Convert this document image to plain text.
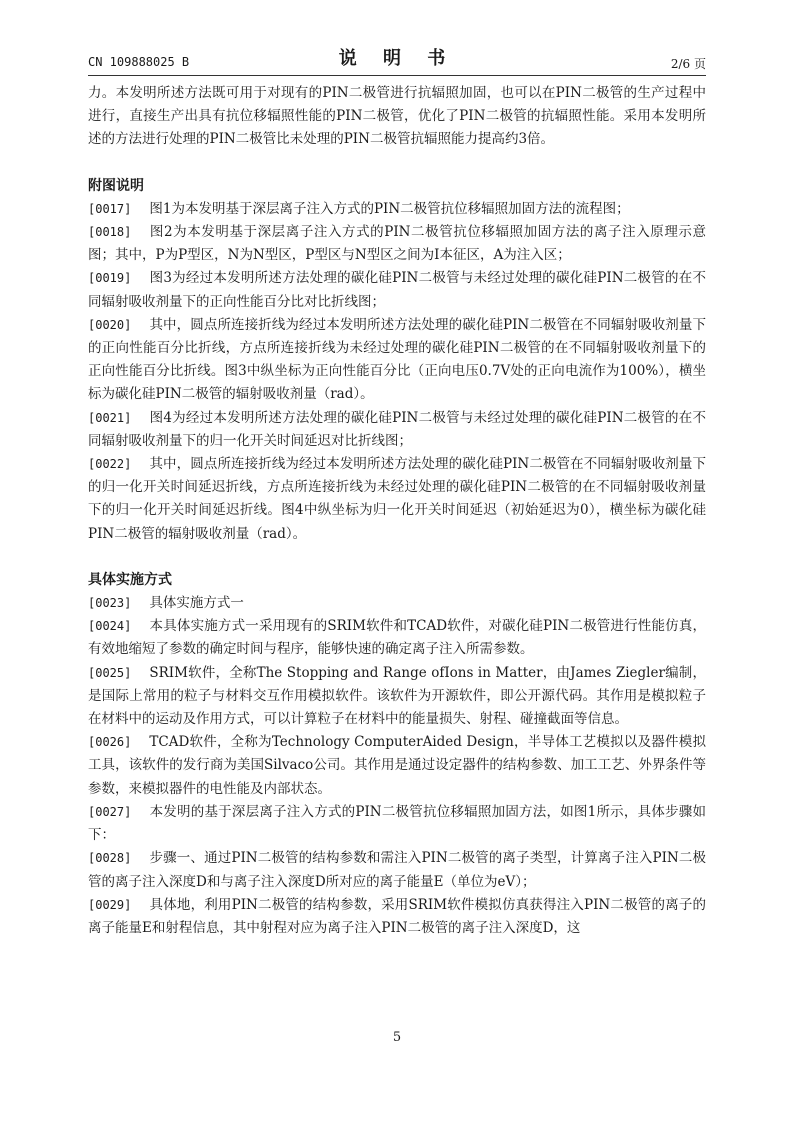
CN 109888025 B	说 明 书	2/6 页

力。本发明所述方法既可用于对现有的PIN二极管进行抗辐照加固，也可以在PIN二极管的生产过程中进行，直接生产出具有抗位移辐照性能的PIN二极管，优化了PIN二极管的抗辐照性能。采用本发明所述的方法进行处理的PIN二极管比未处理的PIN二极管抗辐照能力提高约3倍。

附图说明

[0017] 图1为本发明基于深层离子注入方式的PIN二极管抗位移辐照加固方法的流程图；

[0018] 图2为本发明基于深层离子注入方式的PIN二极管抗位移辐照加固方法的离子注入原理示意图；其中，P为P型区，N为N型区，P型区与N型区之间为I本征区，A为注入区；

[0019] 图3为经过本发明所述方法处理的碳化硅PIN二极管与未经过处理的碳化硅PIN二极管的在不同辐射吸收剂量下的正向性能百分比对比折线图；

[0020] 其中，圆点所连接折线为经过本发明所述方法处理的碳化硅PIN二极管在不同辐射吸收剂量下的正向性能百分比折线，方点所连接折线为未经过处理的碳化硅PIN二极管的在不同辐射吸收剂量下的正向性能百分比折线。图3中纵坐标为正向性能百分比（正向电压0.7V处的正向电流作为100%），横坐标为碳化硅PIN二极管的辐射吸收剂量（rad）。

[0021] 图4为经过本发明所述方法处理的碳化硅PIN二极管与未经过处理的碳化硅PIN二极管的在不同辐射吸收剂量下的归一化开关时间延迟对比折线图；

[0022] 其中，圆点所连接折线为经过本发明所述方法处理的碳化硅PIN二极管在不同辐射吸收剂量下的归一化开关时间延迟折线，方点所连接折线为未经过处理的碳化硅PIN二极管的在不同辐射吸收剂量下的归一化开关时间延迟折线。图4中纵坐标为归一化开关时间延迟（初始延迟为0），横坐标为碳化硅PIN二极管的辐射吸收剂量（rad）。

具体实施方式

[0023] 具体实施方式一

[0024] 本具体实施方式一采用现有的SRIM软件和TCAD软件，对碳化硅PIN二极管进行性能仿真，有效地缩短了参数的确定时间与程序，能够快速的确定离子注入所需参数。

[0025] SRIM软件，全称The Stopping and Range ofIons in Matter，由James Ziegler编制，是国际上常用的粒子与材料交互作用模拟软件。该软件为开源软件，即公开源代码。其作用是模拟粒子在材料中的运动及作用方式，可以计算粒子在材料中的能量损失、射程、碰撞截面等信息。

[0026] TCAD软件，全称为Technology ComputerAided Design，半导体工艺模拟以及器件模拟工具，该软件的发行商为美国Silvaco公司。其作用是通过设定器件的结构参数、加工工艺、外界条件等参数，来模拟器件的电性能及内部状态。

[0027] 本发明的基于深层离子注入方式的PIN二极管抗位移辐照加固方法，如图1所示，具体步骤如下：

[0028] 步骤一、通过PIN二极管的结构参数和需注入PIN二极管的离子类型，计算离子注入PIN二极管的离子注入深度D和与离子注入深度D所对应的离子能量E（单位为eV）；

[0029] 具体地，利用PIN二极管的结构参数，采用SRIM软件模拟仿真获得注入PIN二极管的离子的离子能量E和射程信息，其中射程对应为离子注入PIN二极管的离子注入深度D，这

5
